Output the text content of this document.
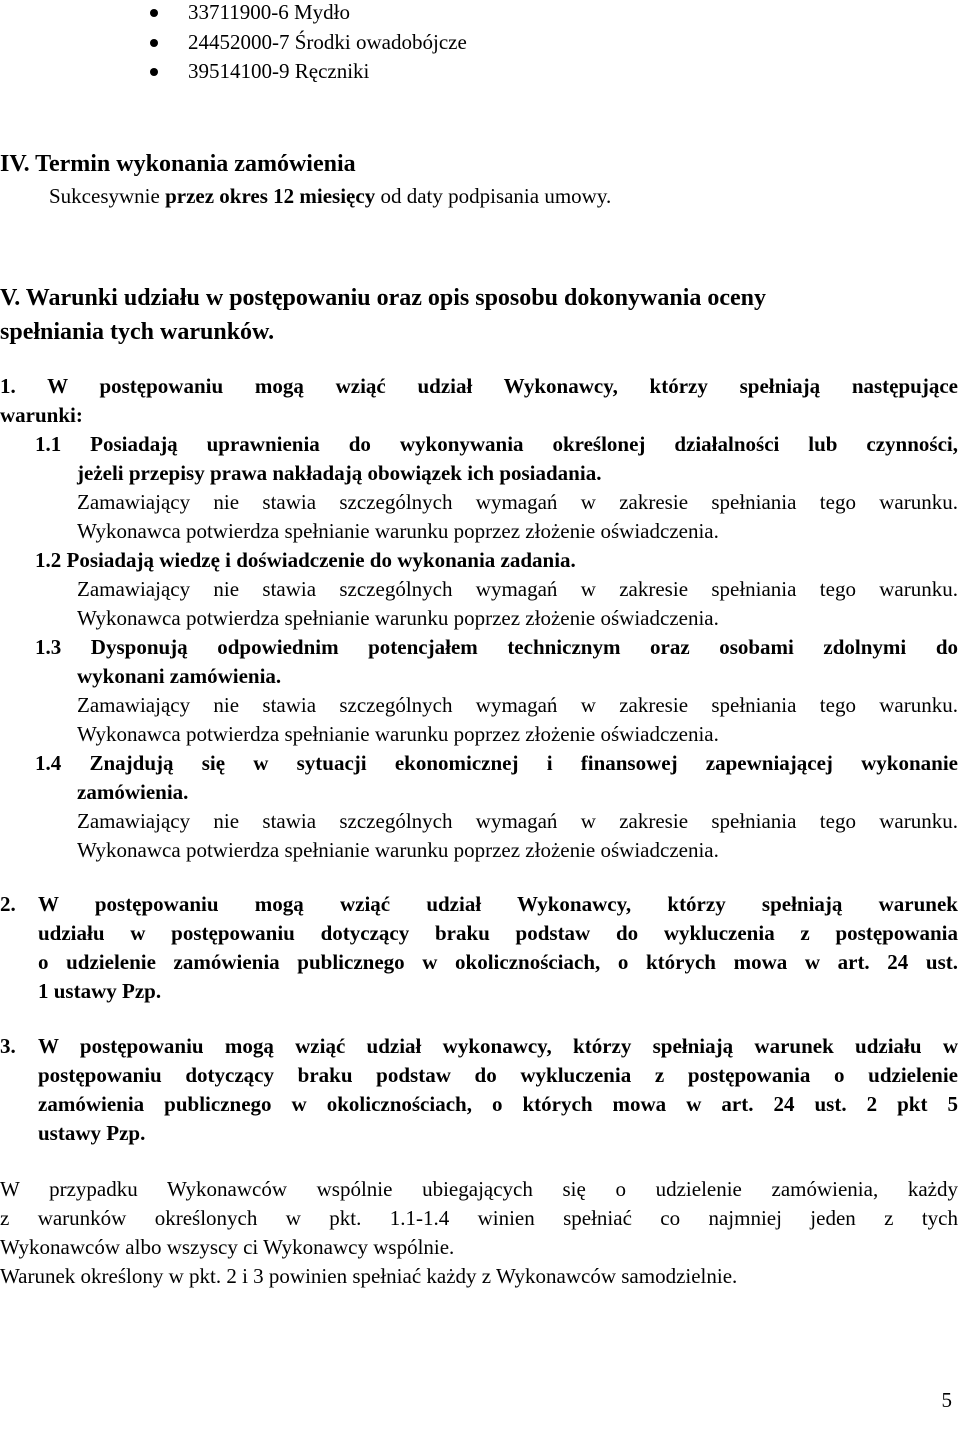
33711900-6 Mydło
24452000-7 Środki owadobójcze
39514100-9 Ręczniki
IV. Termin wykonania zamówienia
Sukcesywnie przez okres 12 miesięcy od daty podpisania umowy.
V. Warunki udziału w postępowaniu oraz opis sposobu dokonywania oceny
spełniania tych warunków.
1. W postępowaniu mogą wziąć udział Wykonawcy, którzy spełniają następujące
warunki:
1.1 Posiadają uprawnienia do wykonywania określonej działalności lub czynności,
jeżeli przepisy prawa nakładają obowiązek ich posiadania.
Zamawiający nie stawia szczególnych wymagań w zakresie spełniania tego warunku.
Wykonawca potwierdza spełnianie warunku poprzez złożenie oświadczenia.
1.2 Posiadają wiedzę i doświadczenie do wykonania zadania.
Zamawiający nie stawia szczególnych wymagań w zakresie spełniania tego warunku.
Wykonawca potwierdza spełnianie warunku poprzez złożenie oświadczenia.
1.3 Dysponują odpowiednim potencjałem technicznym oraz osobami zdolnymi do
wykonani zamówienia.
Zamawiający nie stawia szczególnych wymagań w zakresie spełniania tego warunku.
Wykonawca potwierdza spełnianie warunku poprzez złożenie oświadczenia.
1.4 Znajdują się w sytuacji ekonomicznej i finansowej zapewniającej wykonanie
zamówienia.
Zamawiający nie stawia szczególnych wymagań w zakresie spełniania tego warunku.
Wykonawca potwierdza spełnianie warunku poprzez złożenie oświadczenia.
2. W postępowaniu mogą wziąć udział Wykonawcy, którzy spełniają warunek
udziału w postępowaniu dotyczący braku podstaw do wykluczenia z postępowania
o udzielenie zamówienia publicznego w okolicznościach, o których mowa w art. 24 ust.
1 ustawy Pzp.
3. W postępowaniu mogą wziąć udział wykonawcy, którzy spełniają warunek udziału w
postępowaniu dotyczący braku podstaw do wykluczenia z postępowania o udzielenie
zamówienia publicznego w okolicznościach, o których mowa w art. 24 ust. 2 pkt 5
ustawy Pzp.
W przypadku Wykonawców wspólnie ubiegających się o udzielenie zamówienia, każdy
z warunków określonych w pkt. 1.1-1.4 winien spełniać co najmniej jeden z tych
Wykonawców albo wszyscy ci Wykonawcy wspólnie.
Warunek określony w pkt. 2 i 3 powinien spełniać każdy z Wykonawców samodzielnie.
5
